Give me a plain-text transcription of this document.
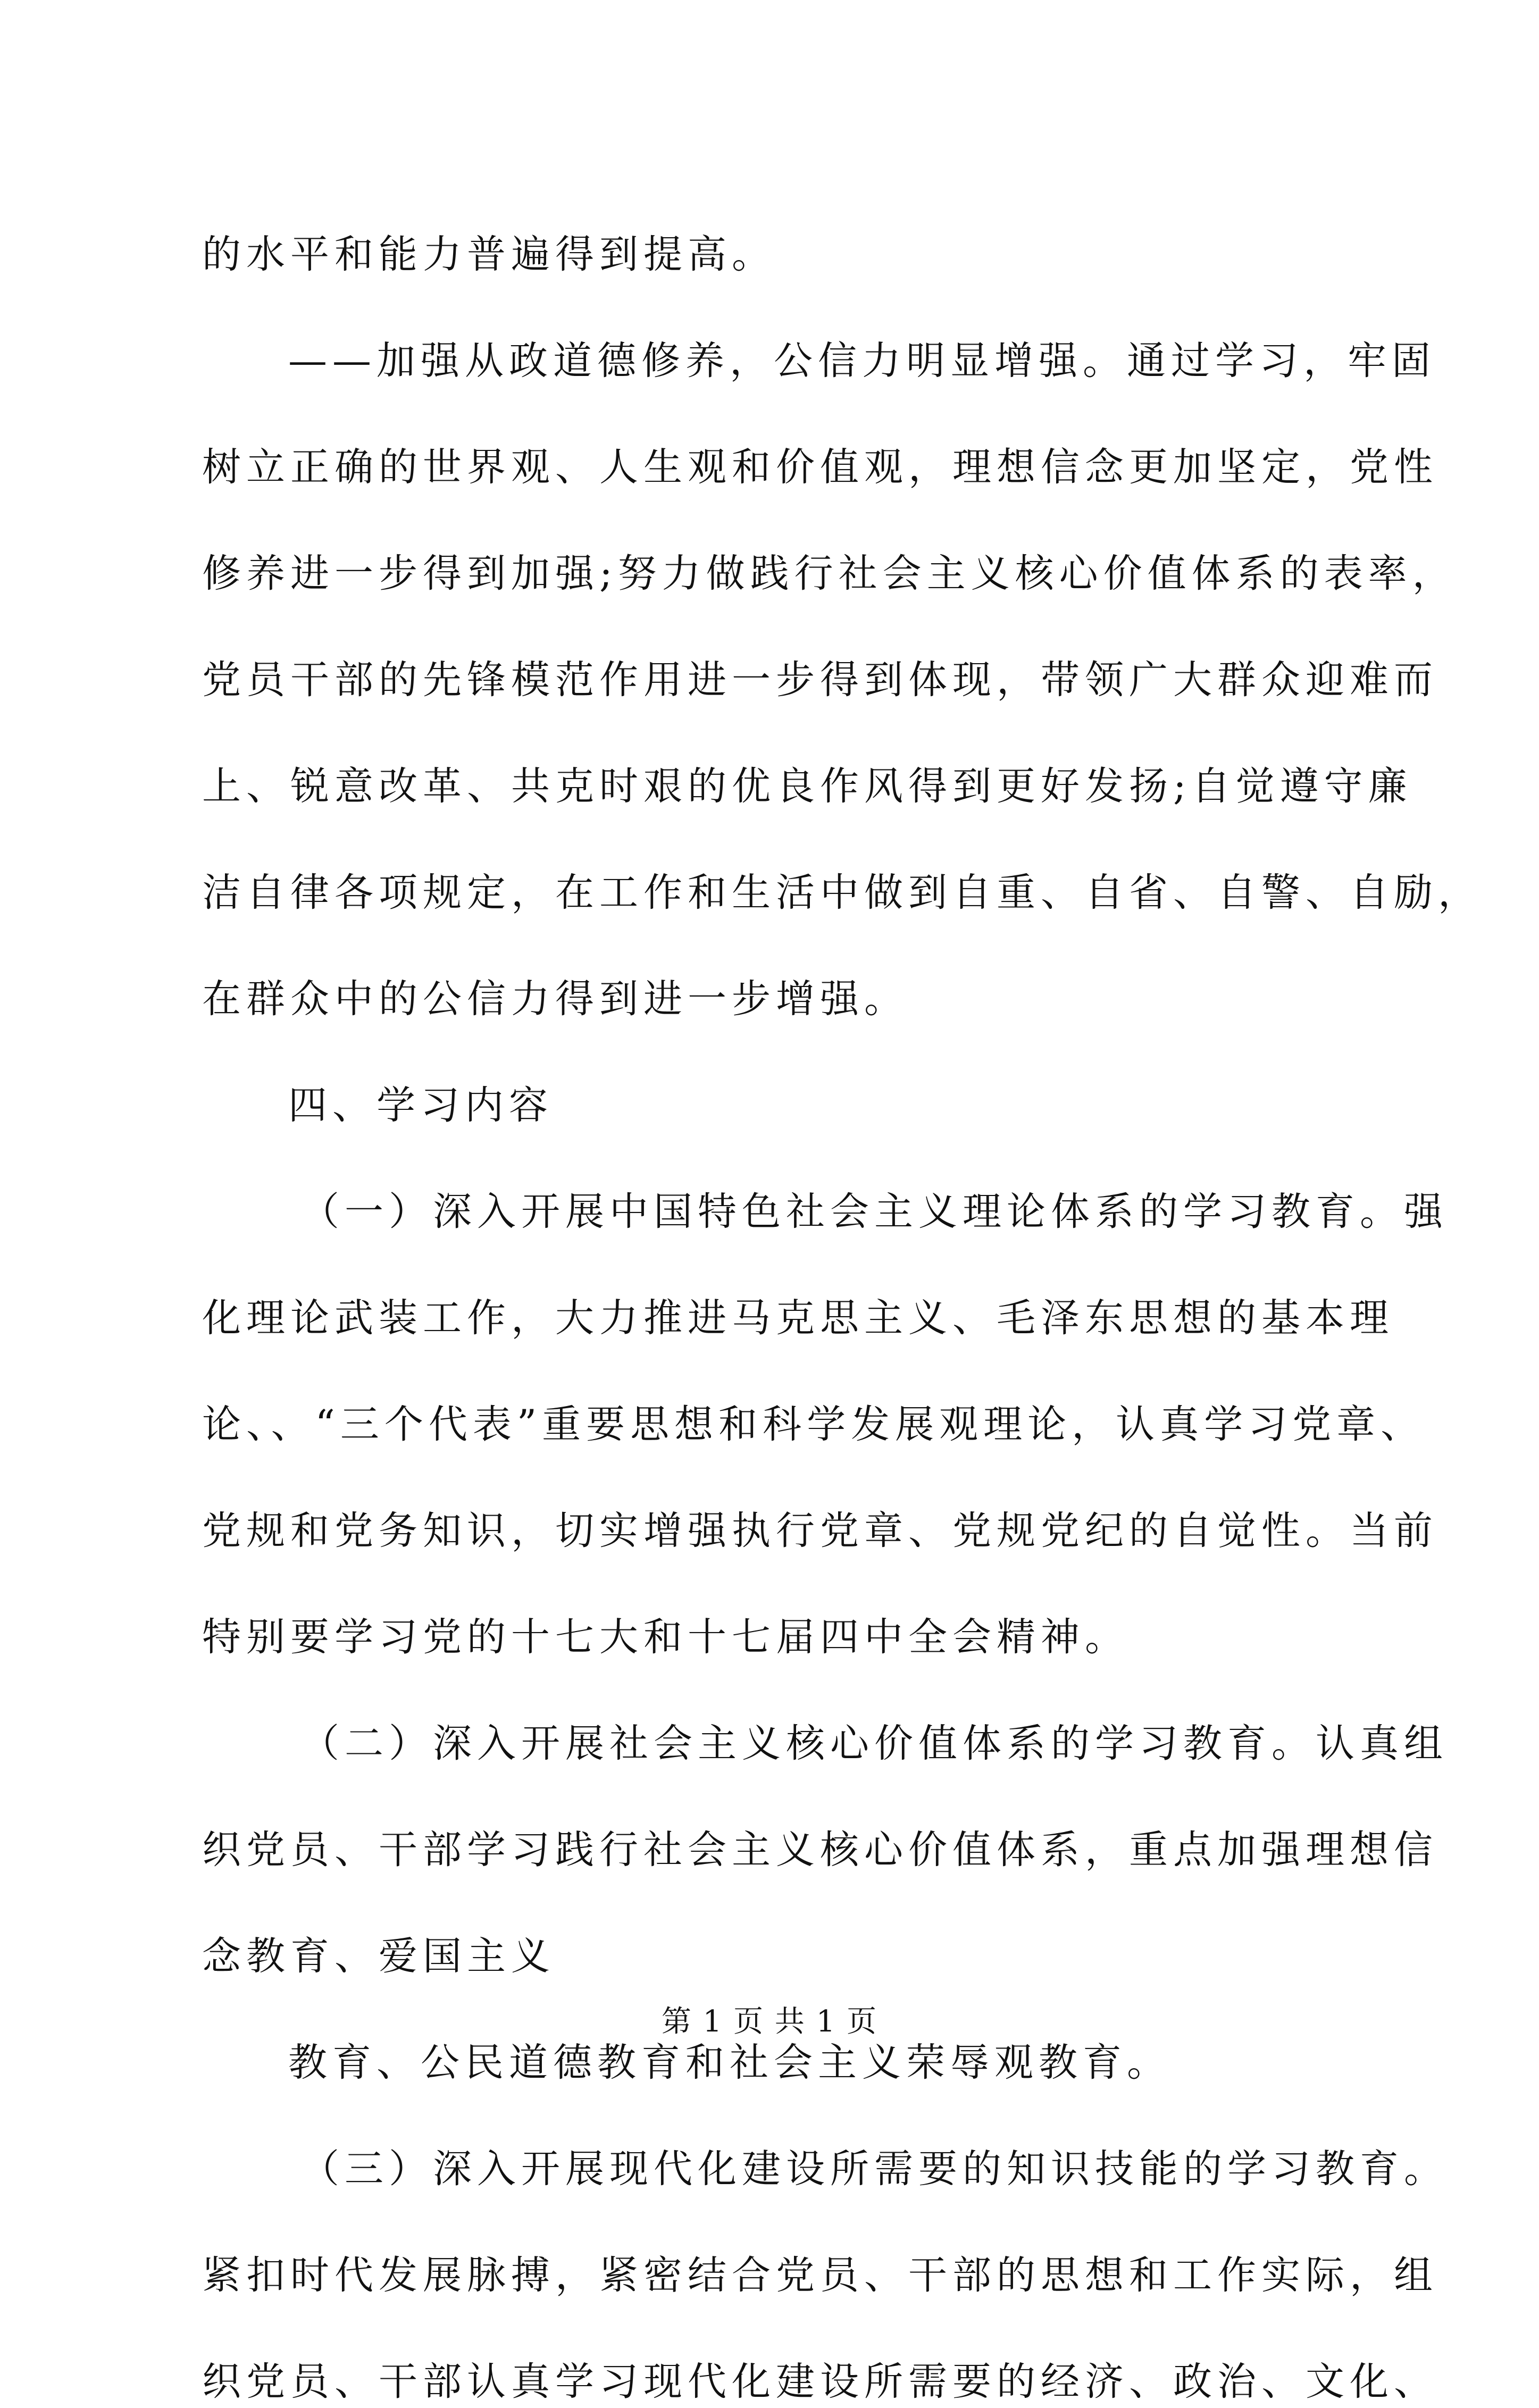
的水平和能力普遍得到提高。

——加强从政道德修养，公信力明显增强。通过学习，牢固

树立正确的世界观、人生观和价值观，理想信念更加坚定，党性

修养进一步得到加强;努力做践行社会主义核心价值体系的表率，

党员干部的先锋模范作用进一步得到体现，带领广大群众迎难而

上、锐意改革、共克时艰的优良作风得到更好发扬;自觉遵守廉

洁自律各项规定，在工作和生活中做到自重、自省、自警、自励，

在群众中的公信力得到进一步增强。

四、学习内容

（一）深入开展中国特色社会主义理论体系的学习教育。强

化理论武装工作，大力推进马克思主义、毛泽东思想的基本理

论、、“三个代表”重要思想和科学发展观理论，认真学习党章、

党规和党务知识，切实增强执行党章、党规党纪的自觉性。当前

特别要学习党的十七大和十七届四中全会精神。

（二）深入开展社会主义核心价值体系的学习教育。认真组

织党员、干部学习践行社会主义核心价值体系，重点加强理想信

念教育、爱国主义

教育、公民道德教育和社会主义荣辱观教育。

（三）深入开展现代化建设所需要的知识技能的学习教育。

紧扣时代发展脉搏，紧密结合党员、干部的思想和工作实际，组

织党员、干部认真学习现代化建设所需要的经济、政治、文化、

第 1 页 共 1 页
